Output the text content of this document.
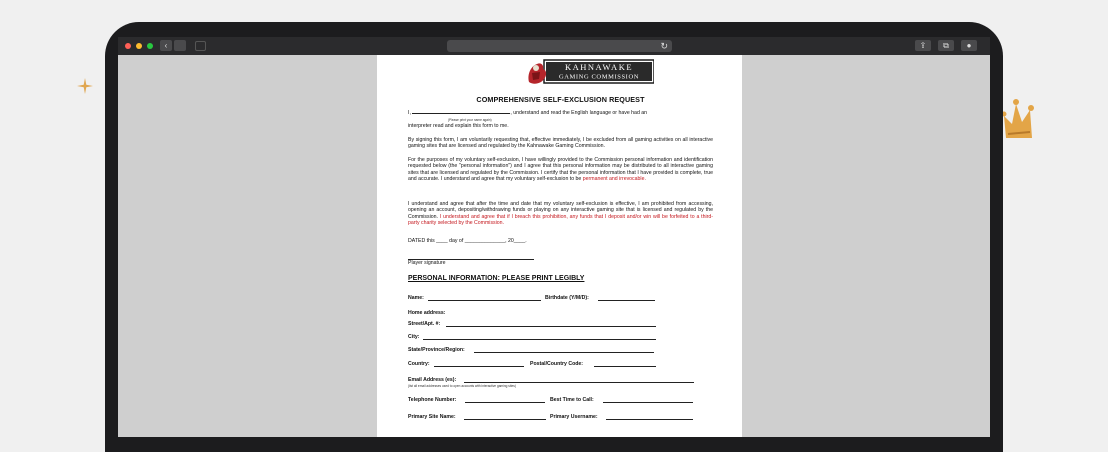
‹	↻	⇪	⧉	●
KAHNAWAKE
GAMING COMMISSION
COMPREHENSIVE SELF-EXCLUSION REQUEST
I,	, understand and read the English language or have had an
(Please print your name again)
interpreter read and explain this form to me.
By signing this form, I am voluntarily requesting that, effective immediately, I be excluded from all gaming activities on all interactive gaming sites that are licensed and regulated by the Kahnawake Gaming Commission.
For the purposes of my voluntary self-exclusion, I have willingly provided to the Commission personal information and identification requested below (the "personal information") and I agree that this personal information may be distributed to all interactive gaming sites that are licensed and regulated by the Commission. I certify that the personal information that I have provided is complete, true and accurate. I understand and agree that my voluntary self-exclusion to be permanent and irrevocable.
I understand and agree that after the time and date that my voluntary self-exclusion is effective, I am prohibited from accessing, opening an account, depositing/withdrawing funds or playing on any interactive gaming site that is licensed and regulated by the Commission. I understand and agree that if I breach this prohibition, any funds that I deposit and/or win will be forfeited to a third-party charity selected by the Commission.
DATED this ____ day of ______________, 20____.
Player signature
PERSONAL INFORMATION: PLEASE PRINT LEGIBLY
Name:	Birthdate (Y/M/D):
Home address:
Street/Apt. #:
City:
State/Province/Region:
Country:	Postal/Country Code:
Email Address (es):
(list all email addresses used to open accounts with interactive gaming sites)
Telephone Number:	Best Time to Call:
Primary Site Name:	Primary Username:
